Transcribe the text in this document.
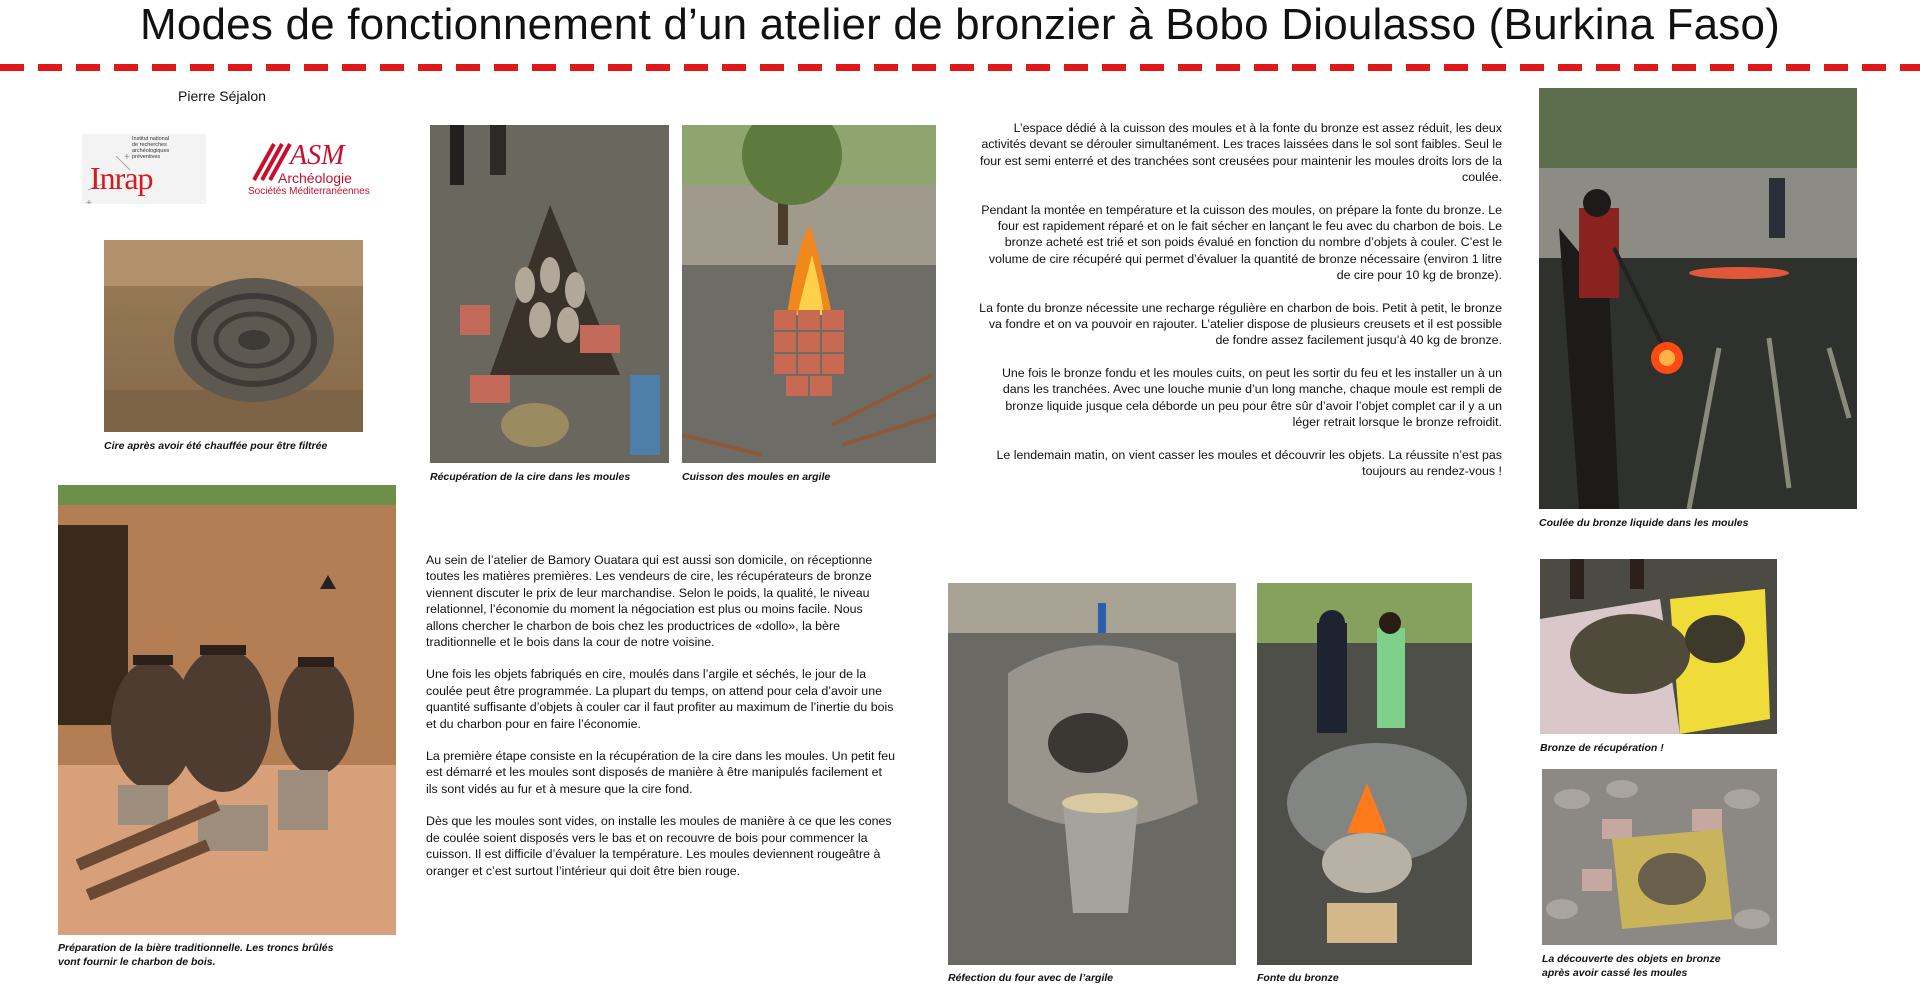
Modes de fonctionnement d’un atelier de bronzier à Bobo Dioulasso (Burkina Faso)
Pierre Séjalon
+
+
Institut national
de recherches
archéologiques
préventives
Inrap
ASM
Archéologie
Sociétés Méditerranéennes
Cire après avoir été chauffée pour être filtrée
Récupération de la cire dans les moules	Cuisson des moules en argile

L’espace dédié à la cuisson des moules et à la fonte du bronze est assez réduit, les deux activités devant se dérouler simultanément. Les traces laissées dans le sol sont faibles. Seul le four est semi enterré et des tranchées sont creusées pour maintenir les moules droits lors de la coulée.

Pendant la montée en température et la cuisson des moules, on prépare la fonte du bronze. Le four est rapidement réparé et on le fait sécher en lançant le feu avec du charbon de bois. Le bronze acheté est trié et son poids évalué en fonction du nombre d’objets à couler. C’est le volume de cire récupéré qui permet d’évaluer la quantité de bronze nécessaire (environ 1 litre de cire pour 10 kg de bronze).

La fonte du bronze nécessite une recharge régulière en charbon de bois. Petit à petit, le bronze va fondre et on va pouvoir en rajouter. L’atelier dispose de plusieurs creusets et il est possible de fondre assez facilement jusqu’à 40 kg de bronze.

Une fois le bronze fondu et les moules cuits, on peut les sortir du feu et les installer un à un dans les tranchées. Avec une louche munie d’un long manche, chaque moule est rempli de bronze liquide jusque cela déborde un peu pour être sûr d’avoir l’objet complet car il y a un léger retrait lorsque le bronze refroidit.

Le lendemain matin, on vient casser les moules et découvrir les objets. La réussite n’est pas toujours au rendez-vous !

Coulée du bronze liquide dans les moules
Préparation de la bière traditionnelle. Les troncs brûlés vont fournir le charbon de bois.

Au sein de l’atelier de Bamory Ouatara qui est aussi son domicile, on réceptionne toutes les matières premières. Les vendeurs de cire, les récupérateurs de bronze viennent discuter le prix de leur marchandise. Selon le poids, la qualité, le niveau relationnel, l’économie du moment la négociation est plus ou moins facile. Nous allons chercher le charbon de bois chez les productrices de «dollo», la bère traditionnelle et le bois dans la cour de notre voisine.

Une fois les objets fabriqués en cire, moulés dans l’argile et séchés, le jour de la coulée peut être programmée. La plupart du temps, on attend pour cela d’avoir une quantité suffisante d’objets à couler car il faut profiter au maximum de l’inertie du bois et du charbon pour en faire l’économie.

La première étape consiste en la récupération de la cire dans les moules. Un petit feu est démarré et les moules sont disposés de manière à être manipulés facilement et ils sont vidés au fur et à mesure que la cire fond.

Dès que les moules sont vides, on installe les moules de manière à ce que les cones de coulée soient disposés vers le bas et on recouvre de bois pour commencer la cuisson. Il est difficile d’évaluer la température. Les moules deviennent rougeâtre à oranger et c’est surtout l’intérieur qui doit être bien rouge.

Réfection du four avec de l’argile	Fonte du bronze
Bronze de récupération !
La découverte des objets en bronze après avoir cassé les moules
